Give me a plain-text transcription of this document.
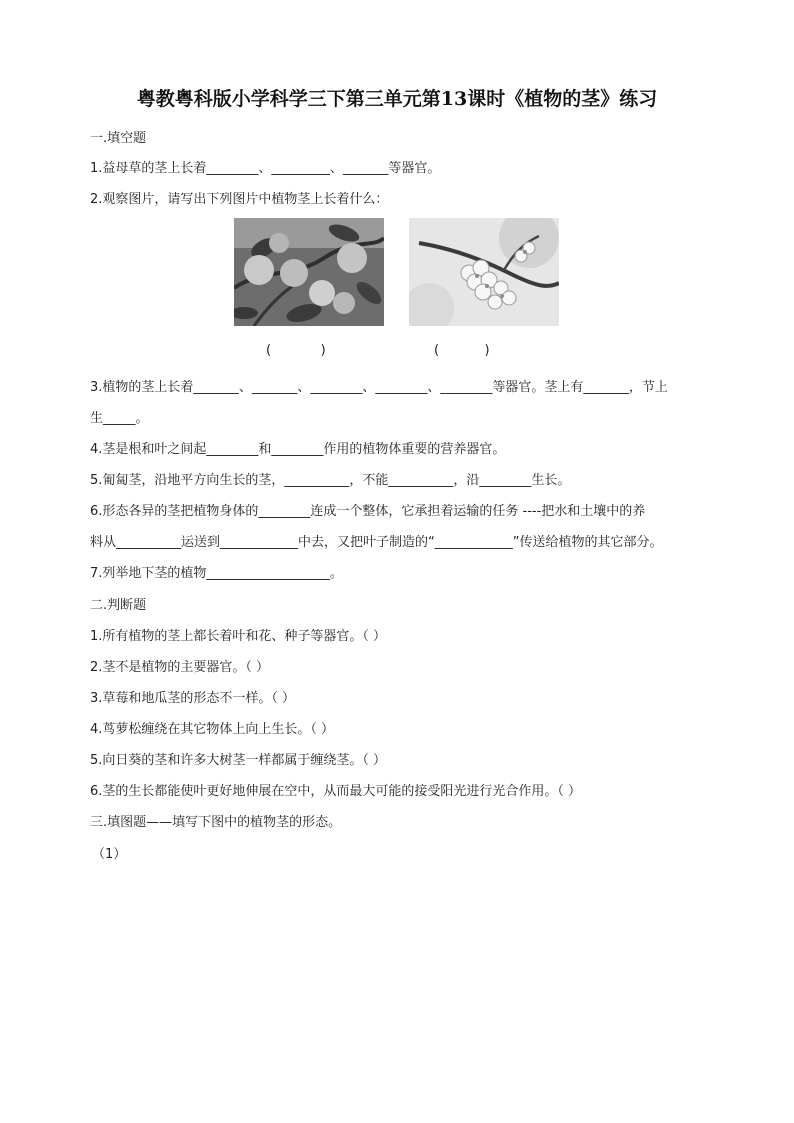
粤教粤科版小学科学三下第三单元第13课时《植物的茎》练习
一.填空题
1.益母草的茎上长着________、_________、_______等器官。
2.观察图片，请写出下列图片中植物茎上长着什么：
(            )	(           )
3.植物的茎上长着_______、_______、________、________、________等器官。茎上有_______，节上
生_____。
4.茎是根和叶之间起________和________作用的植物体重要的营养器官。
5.匍匐茎，沿地平方向生长的茎，__________，不能__________，沿________生长。
6.形态各异的茎把植物身体的________连成一个整体，它承担着运输的任务 ----把水和土壤中的养
料从__________运送到____________中去，又把叶子制造的“____________”传送给植物的其它部分。
7.列举地下茎的植物___________________。
二.判断题
1.所有植物的茎上都长着叶和花、种子等器官。（ ）
2.茎不是植物的主要器官。（ ）
3.草莓和地瓜茎的形态不一样。（ ）
4.茑萝松缠绕在其它物体上向上生长。（ ）
5.向日葵的茎和许多大树茎一样都属于缠绕茎。（ ）
6.茎的生长都能使叶更好地伸展在空中，从而最大可能的接受阳光进行光合作用。（ ）
三.填图题——填写下图中的植物茎的形态。
（1）
